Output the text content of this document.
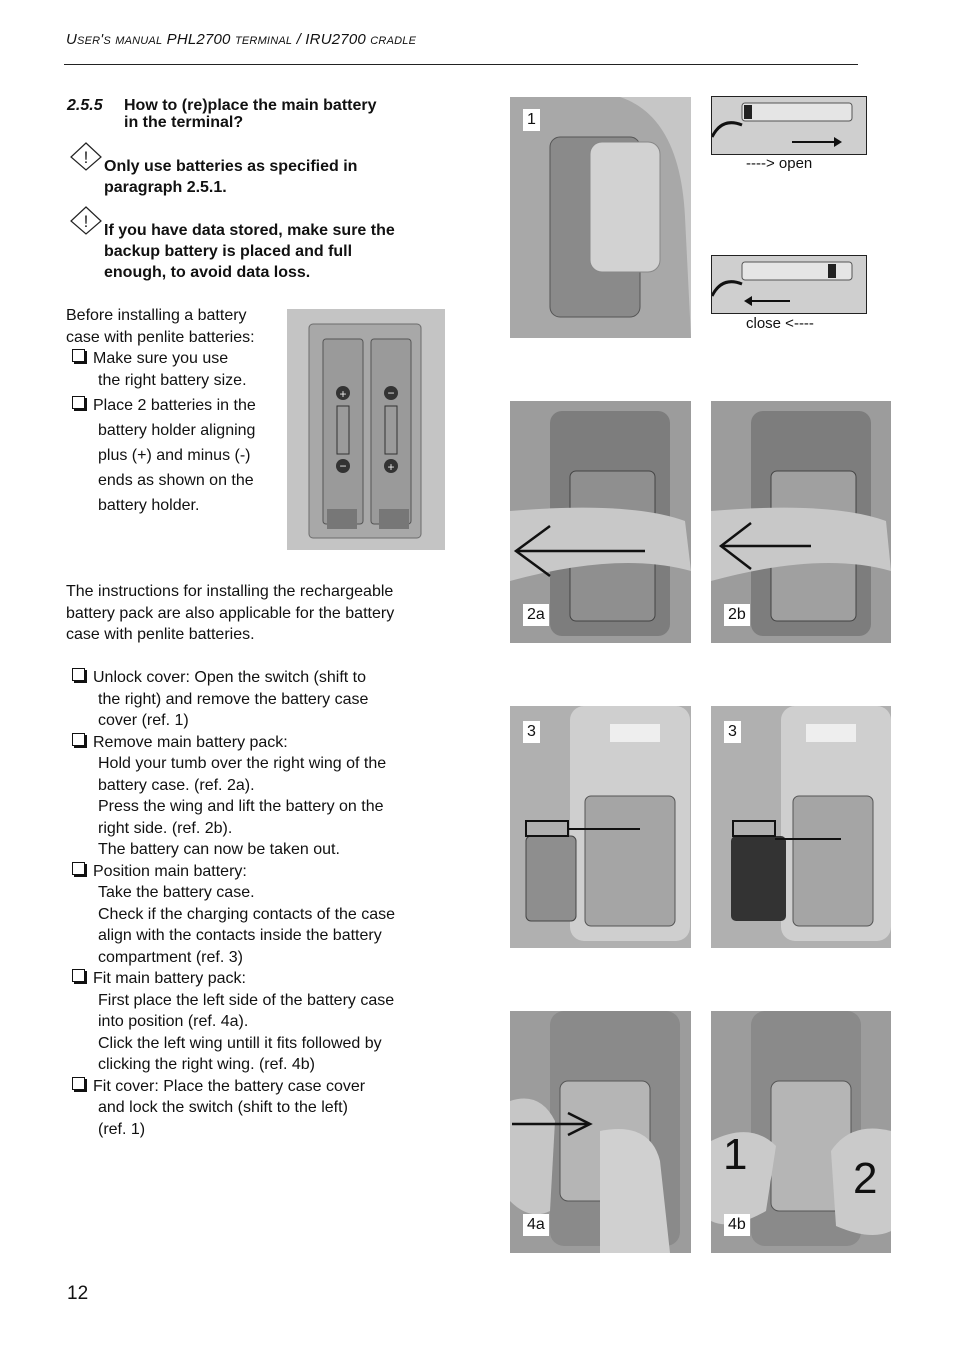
User's manual PHL2700 terminal / IRU2700 cradle
2.5.5 How to (re)place the main battery
in the terminal?
! Only use batteries as specified in
paragraph 2.5.1.
! If you have data stored, make sure the
backup battery is placed and full
enough, to avoid data loss.
Before installing a battery
case with penlite batteries:
Make sure you use
the right battery size.
Place 2 batteries in the
battery holder aligning
plus (+) and minus (-)
ends as shown on the
battery holder.
+
−
−
+
The instructions for installing the rechargeable
battery pack are also applicable for the battery
case with penlite batteries.
Unlock cover: Open the switch (shift to
the right) and remove the battery case
cover (ref. 1)
Remove main battery pack:
Hold your tumb over the right wing of the
battery case. (ref. 2a).
Press the wing and lift the battery on the
right side. (ref. 2b).
The battery can now be taken out.
Position main battery:
Take the battery case.
Check if the charging contacts of the case
align with the contacts inside the battery
compartment (ref. 3)
Fit main battery pack:
First place the left side of the battery case
into position (ref. 4a).
Click the left wing untill it fits followed by
clicking the right wing. (ref. 4b)
Fit cover: Place the battery case cover
and lock the switch (shift to the left)
(ref. 1)
1
----> open
close <----
2a	2b
3	3
4a
1 2
4b
12
